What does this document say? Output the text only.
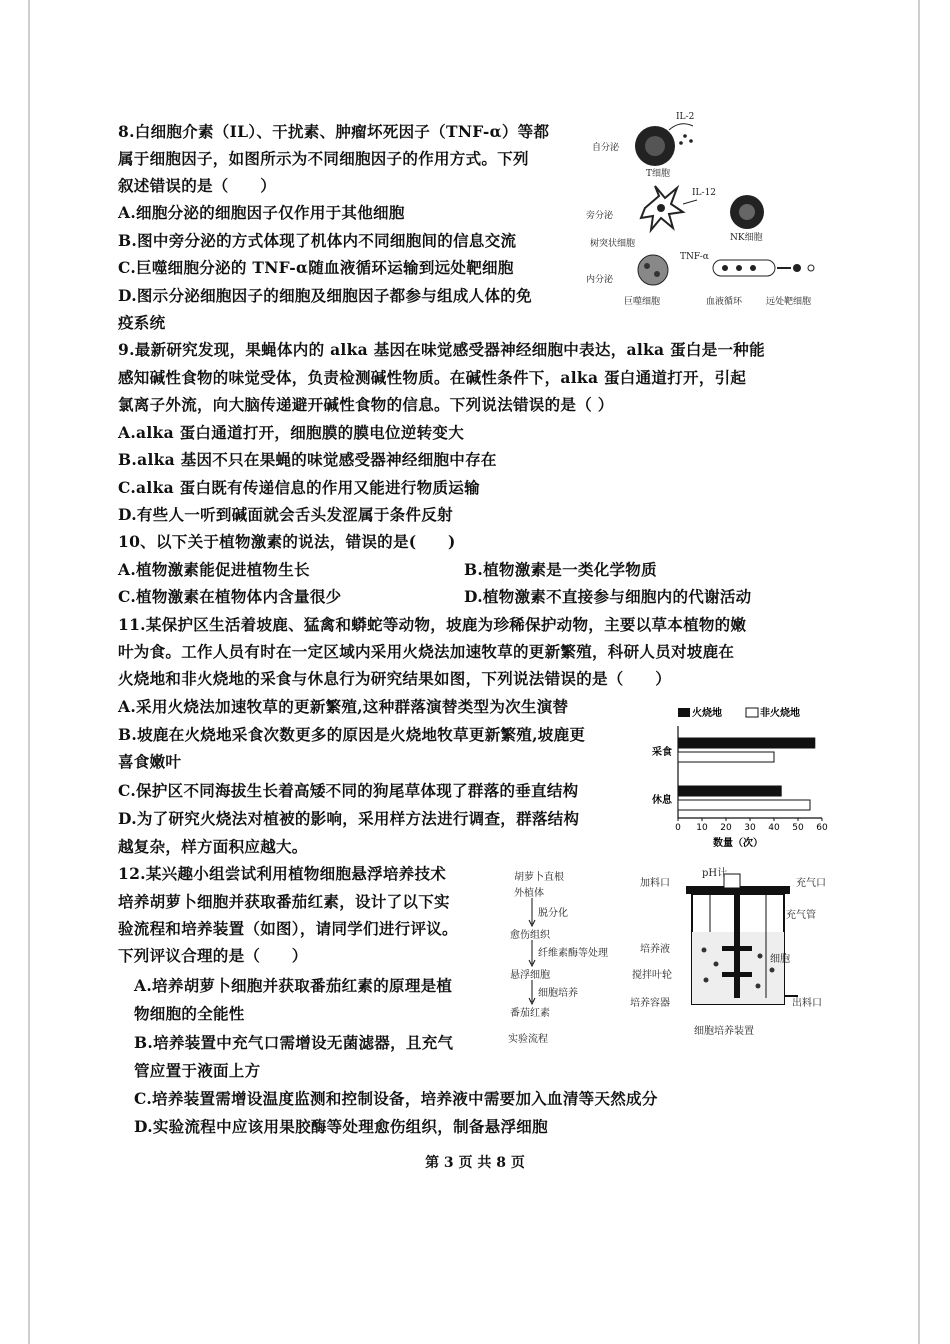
8.白细胞介素（IL）、干扰素、肿瘤坏死因子（TNF-α）等都
属于细胞因子，如图所示为不同细胞因子的作用方式。下列
叙述错误的是（　　）
A.细胞分泌的细胞因子仅作用于其他细胞
B.图中旁分泌的方式体现了机体内不同细胞间的信息交流
C.巨噬细胞分泌的 TNF-α随血液循环运输到远处靶细胞
D.图示分泌细胞因子的细胞及细胞因子都参与组成人体的免
疫系统
自分泌
IL-2
T细胞
旁分泌
树突状细胞
IL-12
NK细胞
内分泌
巨噬细胞
TNF-α
血液循环	远处靶细胞
9.最新研究发现，果蝇体内的 alka 基因在味觉感受器神经细胞中表达，alka 蛋白是一种能
感知碱性食物的味觉受体，负责检测碱性物质。在碱性条件下，alka 蛋白通道打开，引起
氯离子外流，向大脑传递避开碱性食物的信息。下列说法错误的是（ ）
A.alka 蛋白通道打开，细胞膜的膜电位逆转变大
B.alka 基因不只在果蝇的味觉感受器神经细胞中存在
C.alka 蛋白既有传递信息的作用又能进行物质运输
D.有些人一听到碱面就会舌头发涩属于条件反射
10、以下关于植物激素的说法，错误的是(　　)
A.植物激素能促进植物生长	B.植物激素是一类化学物质
C.植物激素在植物体内含量很少	D.植物激素不直接参与细胞内的代谢活动
11.某保护区生活着坡鹿、猛禽和蟒蛇等动物，坡鹿为珍稀保护动物，主要以草本植物的嫩
叶为食。工作人员有时在一定区域内采用火烧法加速牧草的更新繁殖，科研人员对坡鹿在
火烧地和非火烧地的采食与休息行为研究结果如图，下列说法错误的是（　　）
A.采用火烧法加速牧草的更新繁殖,这种群落演替类型为次生演替
B.坡鹿在火烧地采食次数更多的原因是火烧地牧草更新繁殖,坡鹿更
喜食嫩叶
C.保护区不同海拔生长着高矮不同的狗尾草体现了群落的垂直结构
D.为了研究火烧法对植被的影响，采用样方法进行调查，群落结构
越复杂，样方面积应越大。
火烧地	非火烧地
采食
休息
0 10 20 30 40 50 60
数量（次）
12.某兴趣小组尝试利用植物细胞悬浮培养技术
培养胡萝卜细胞并获取番茄红素，设计了以下实
验流程和培养装置（如图），请同学们进行评议。
下列评议合理的是（　　）
A.培养胡萝卜细胞并获取番茄红素的原理是植
物细胞的全能性
B.培养装置中充气口需增设无菌滤器，且充气
管应置于液面上方
C.培养装置需增设温度监测和控制设备，培养液中需要加入血清等天然成分
D.实验流程中应该用果胶酶等处理愈伤组织，制备悬浮细胞
胡萝卜直根
外植体
脱分化
愈伤组织
纤维素酶等处理
悬浮细胞
细胞培养
番茄红素
实验流程
加料口
pH计
充气口
充气管
培养液
细胞
搅拌叶轮
培养容器	出料口
细胞培养装置
第 3 页 共 8 页
